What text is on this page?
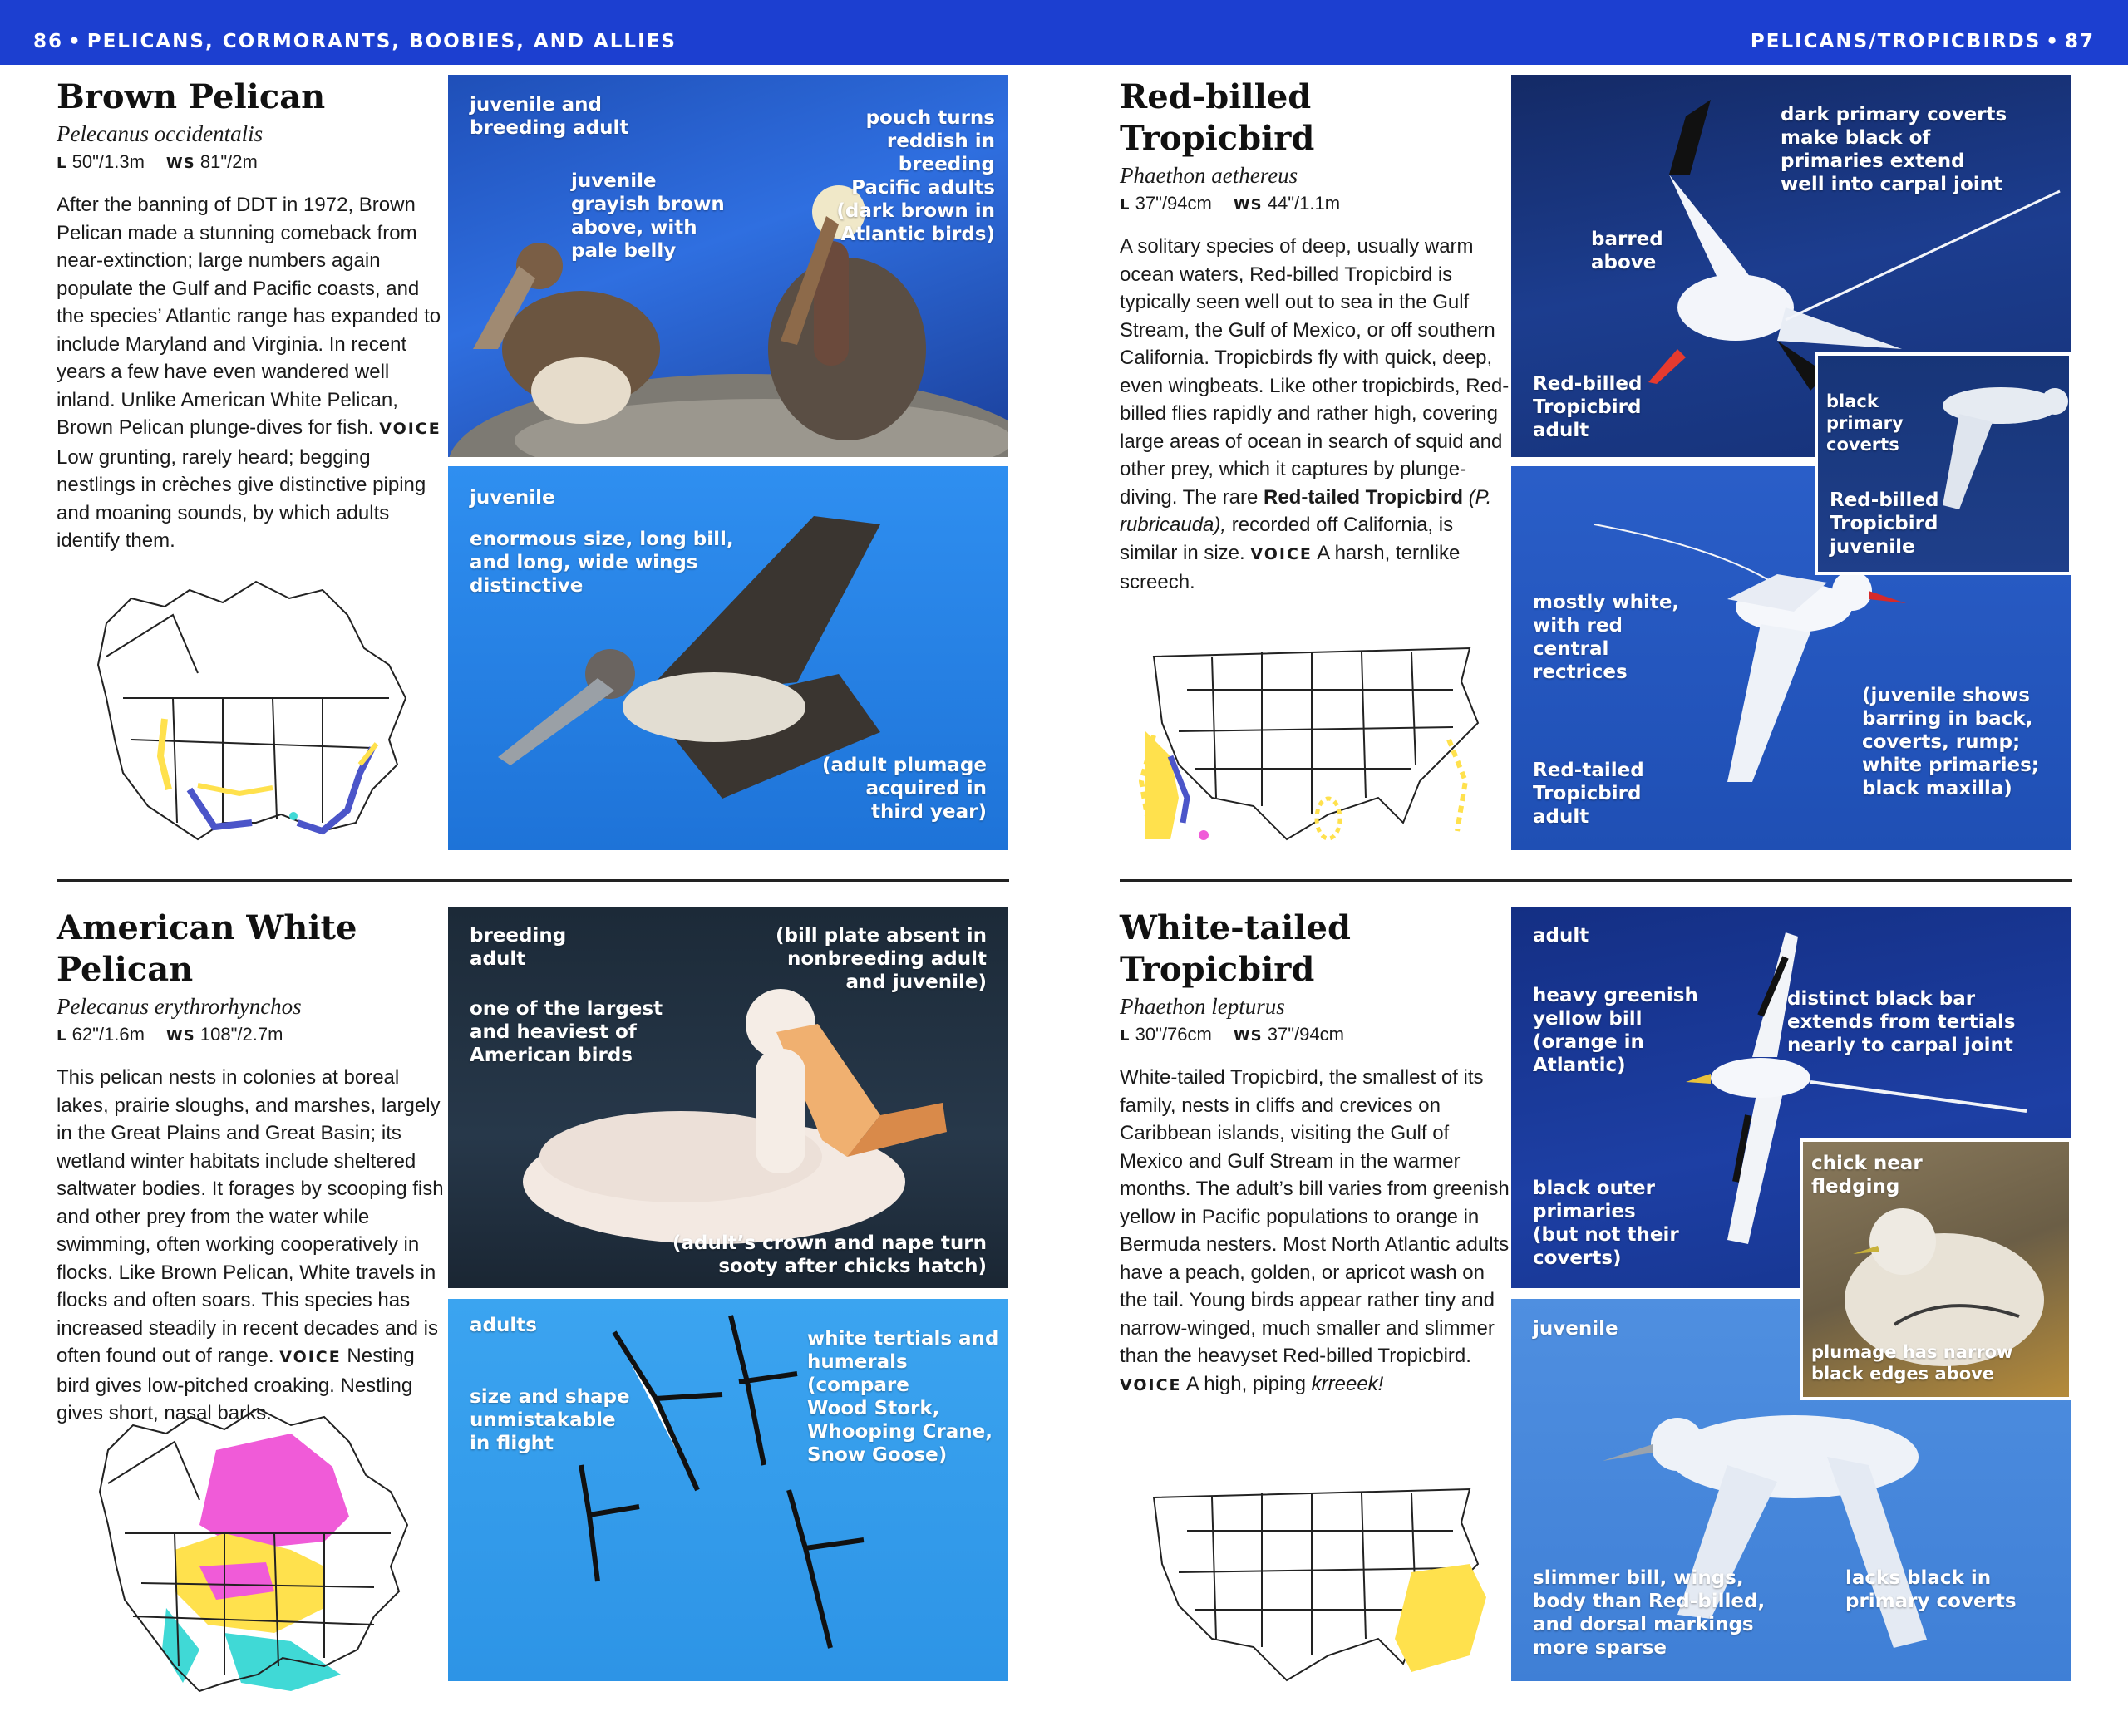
86 • PELICANS, CORMORANTS, BOOBIES, AND ALLIES	PELICANS/TROPICBIRDS • 87
Brown Pelican
Pelecanus occidentalis
L 50"/1.3m WS 81"/2m
After the banning of DDT in 1972, Brown Pelican made a stunning comeback from near-extinction; large numbers again populate the Gulf and Pacific coasts, and the species’ Atlantic range has expanded to include Maryland and Virginia. In recent years a few have even wandered well inland. Unlike American White Pelican, Brown Pelican plunge-dives for fish. VOICE Low grunting, rarely heard; begging nestlings in crèches give distinctive piping and moaning sounds, by which adults identify them.
juvenile and
breeding adult
juvenile
grayish brown
above, with
pale belly
pouch turns
reddish in
breeding
Pacific adults
(dark brown in
Atlantic birds)
juvenile
enormous size, long bill,
and long, wide wings
distinctive
(adult plumage
acquired in
third year)
American White Pelican
Pelecanus erythrorhynchos
L 62"/1.6m WS 108"/2.7m
This pelican nests in colonies at boreal lakes, prairie sloughs, and marshes, largely in the Great Plains and Great Basin; its wetland winter habitats include sheltered saltwater bodies. It forages by scooping fish and other prey from the water while swimming, often working cooperatively in flocks. Like Brown Pelican, White travels in flocks and often soars. This species has increased steadily in recent decades and is often found out of range. VOICE Nesting bird gives low-pitched croaking. Nestling gives short, nasal barks.
breeding
adult
one of the largest
and heaviest of
American birds
(bill plate absent in
nonbreeding adult
and juvenile)
(adult’s crown and nape turn
sooty after chicks hatch)
adults
size and shape
unmistakable
in flight
white tertials and
humerals (compare
Wood Stork,
Whooping Crane,
Snow Goose)
Red-billed Tropicbird
Phaethon aethereus
L 37"/94cm WS 44"/1.1m
A solitary species of deep, usually warm ocean waters, Red-billed Tropicbird is typically seen well out to sea in the Gulf Stream, the Gulf of Mexico, or off southern California. Tropicbirds fly with quick, deep, even wingbeats. Like other tropicbirds, Red-billed flies rapidly and rather high, covering large areas of ocean in search of squid and other prey, which it captures by plunge-diving. The rare Red-tailed Tropicbird (P. rubricauda), recorded off California, is similar in size. VOICE A harsh, ternlike screech.
dark primary coverts
make black of
primaries extend
well into carpal joint
barred
above
Red-billed
Tropicbird
adult
mostly white,
with red
central
rectrices
(juvenile shows
barring in back,
coverts, rump;
white primaries;
black maxilla)
Red-tailed
Tropicbird
adult
black
primary
coverts
Red-billed
Tropicbird
juvenile
White-tailed Tropicbird
Phaethon lepturus
L 30"/76cm WS 37"/94cm
White-tailed Tropicbird, the smallest of its family, nests in cliffs and crevices on Caribbean islands, visiting the Gulf of Mexico and Gulf Stream in the warmer months. The adult’s bill varies from greenish yellow in Pacific populations to orange in Bermuda nesters. Most North Atlantic adults have a peach, golden, or apricot wash on the tail. Young birds appear rather tiny and narrow-winged, much smaller and slimmer than the heavyset Red-billed Tropicbird. VOICE A high, piping krreeek!
adult
heavy greenish
yellow bill
(orange in
Atlantic)
distinct black bar
extends from tertials
nearly to carpal joint
black outer
primaries
(but not their
coverts)
juvenile
slimmer bill, wings,
body than Red-billed,
and dorsal markings
more sparse
lacks black in
primary coverts
chick near
fledging
plumage has narrow
black edges above
